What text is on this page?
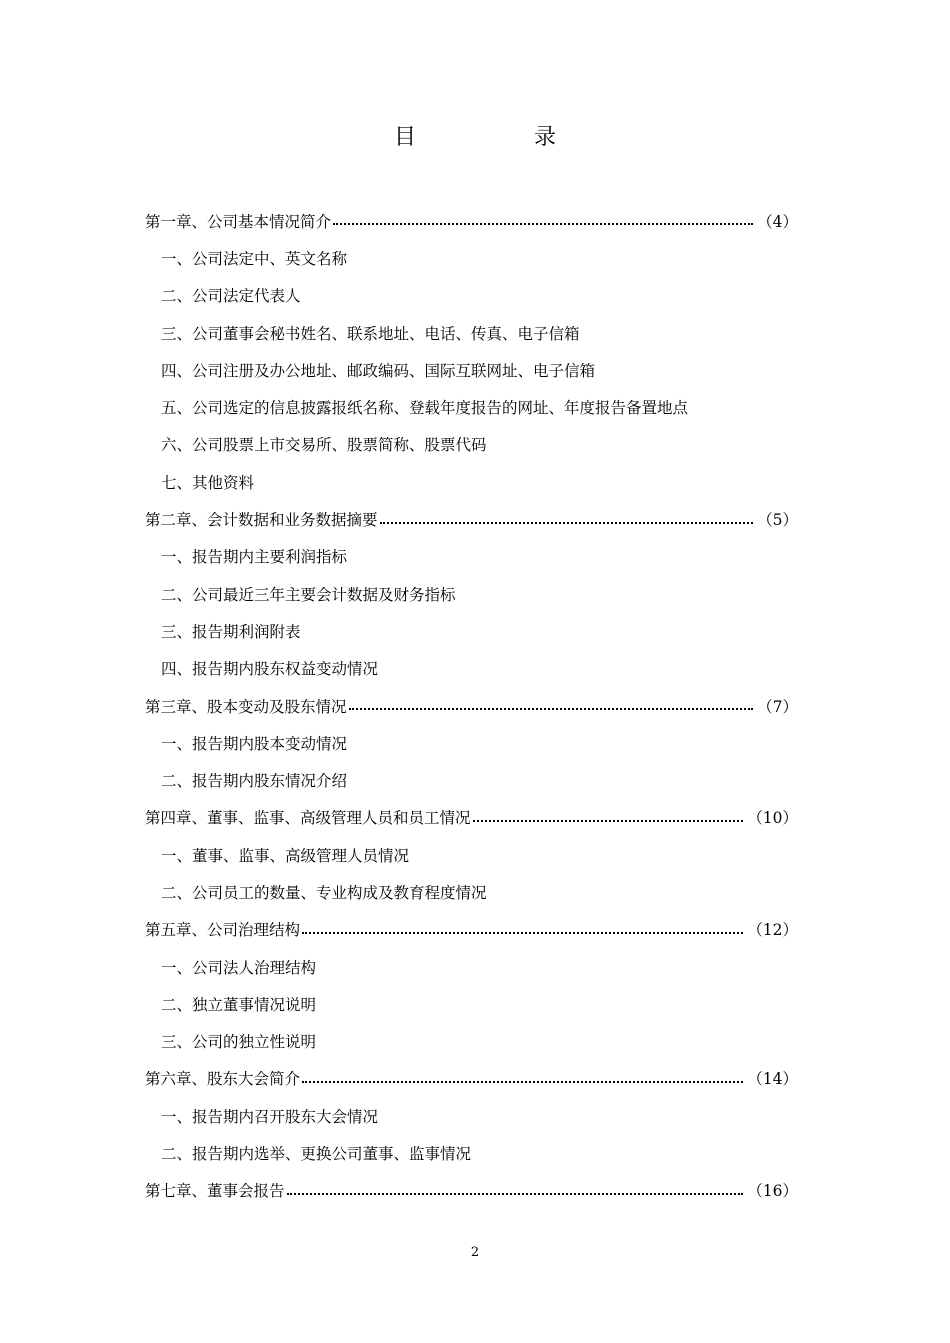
目	录
第一章、公司基本情况简介	（4）
一、公司法定中、英文名称
二、公司法定代表人
三、公司董事会秘书姓名、联系地址、电话、传真、电子信箱
四、公司注册及办公地址、邮政编码、国际互联网址、电子信箱
五、公司选定的信息披露报纸名称、登载年度报告的网址、年度报告备置地点
六、公司股票上市交易所、股票简称、股票代码
七、其他资料
第二章、会计数据和业务数据摘要	（5）
一、报告期内主要利润指标
二、公司最近三年主要会计数据及财务指标
三、报告期利润附表
四、报告期内股东权益变动情况
第三章、股本变动及股东情况	（7）
一、报告期内股本变动情况
二、报告期内股东情况介绍
第四章、董事、监事、高级管理人员和员工情况	（10）
一、董事、监事、高级管理人员情况
二、公司员工的数量、专业构成及教育程度情况
第五章、公司治理结构	（12）
一、公司法人治理结构
二、独立董事情况说明
三、公司的独立性说明
第六章、股东大会简介	（14）
一、报告期内召开股东大会情况
二、报告期内选举、更换公司董事、监事情况
第七章、董事会报告	（16）
2
